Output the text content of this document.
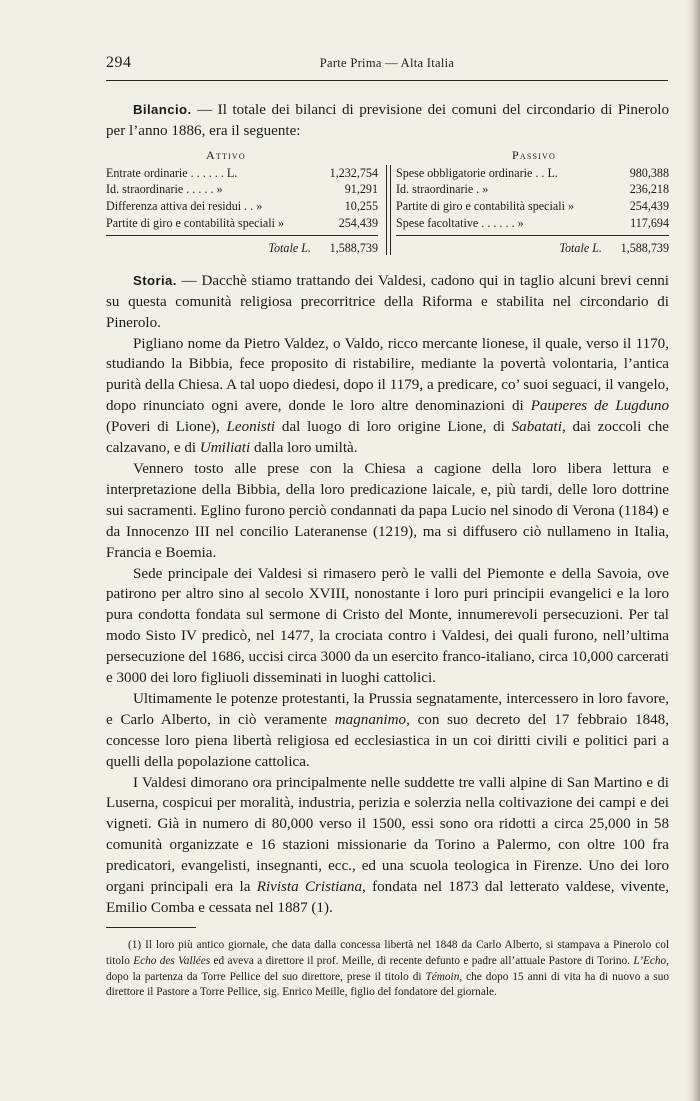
294	Parte Prima — Alta Italia

Bilancio. — Il totale dei bilanci di previsione dei comuni del circondario di Pinerolo per l’anno 1886, era il seguente:

Attivo	Passivo
Entrate ordinarie . . . . . . L.	1,232,754
Id. straordinarie . . . . . »	91,291
Differenza attiva dei residui . . »	10,255
Partite di giro e contabilità speciali »	254,439
Totale L. 1,588,739
Spese obbligatorie ordinarie . . L.	980,388
Id. straordinarie . »	236,218
Partite di giro e contabilità speciali »	254,439
Spese facoltative . . . . . . »	117,694
Totale L. 1,588,739

Storia. — Dacchè stiamo trattando dei Valdesi, cadono qui in taglio alcuni brevi cenni su questa comunità religiosa precorritrice della Riforma e stabilita nel circondario di Pinerolo.

Pigliano nome da Pietro Valdez, o Valdo, ricco mercante lionese, il quale, verso il 1170, studiando la Bibbia, fece proposito di ristabilire, mediante la povertà volontaria, l’antica purità della Chiesa. A tal uopo diedesi, dopo il 1179, a predicare, co’ suoi seguaci, il vangelo, dopo rinunciato ogni avere, donde le loro altre denominazioni di Pauperes de Lugduno (Poveri di Lione), Leonisti dal luogo di loro origine Lione, di Sabatati, dai zoccoli che calzavano, e di Umiliati dalla loro umiltà.

Vennero tosto alle prese con la Chiesa a cagione della loro libera lettura e interpretazione della Bibbia, della loro predicazione laicale, e, più tardi, delle loro dottrine sui sacramenti. Eglino furono perciò condannati da papa Lucio nel sinodo di Verona (1184) e da Innocenzo III nel concilio Lateranense (1219), ma si diffusero ciò nullameno in Italia, Francia e Boemia.

Sede principale dei Valdesi si rimasero però le valli del Piemonte e della Savoia, ove patirono per altro sino al secolo XVIII, nonostante i loro puri principii evangelici e la loro pura condotta fondata sul sermone di Cristo del Monte, innumerevoli persecuzioni. Per tal modo Sisto IV predicò, nel 1477, la crociata contro i Valdesi, dei quali furono, nell’ultima persecuzione del 1686, uccisi circa 3000 da un esercito franco-italiano, circa 10,000 carcerati e 3000 dei loro figliuoli disseminati in luoghi cattolici.

Ultimamente le potenze protestanti, la Prussia segnatamente, intercessero in loro favore, e Carlo Alberto, in ciò veramente magnanimo, con suo decreto del 17 febbraio 1848, concesse loro piena libertà religiosa ed ecclesiastica in un coi diritti civili e politici pari a quelli della popolazione cattolica.

I Valdesi dimorano ora principalmente nelle suddette tre valli alpine di San Martino e di Luserna, cospicui per moralità, industria, perizia e solerzia nella coltivazione dei campi e dei vigneti. Già in numero di 80,000 verso il 1500, essi sono ora ridotti a circa 25,000 in 58 comunità organizzate e 16 stazioni missionarie da Torino a Palermo, con oltre 100 fra predicatori, evangelisti, insegnanti, ecc., ed una scuola teologica in Firenze. Uno dei loro organi principali era la Rivista Cristiana, fondata nel 1873 dal letterato valdese, vivente, Emilio Comba e cessata nel 1887 (1).

(1) Il loro più antico giornale, che data dalla concessa libertà nel 1848 da Carlo Alberto, si stampava a Pinerolo col titolo Echo des Vallées ed aveva a direttore il prof. Meille, di recente defunto e padre all’attuale Pastore di Torino. L’Echo, dopo la partenza da Torre Pellice del suo direttore, prese il titolo di Témoin, che dopo 15 anni di vita ha di nuovo a suo direttore il Pastore a Torre Pellice, sig. Enrico Meille, figlio del fondatore del giornale.
